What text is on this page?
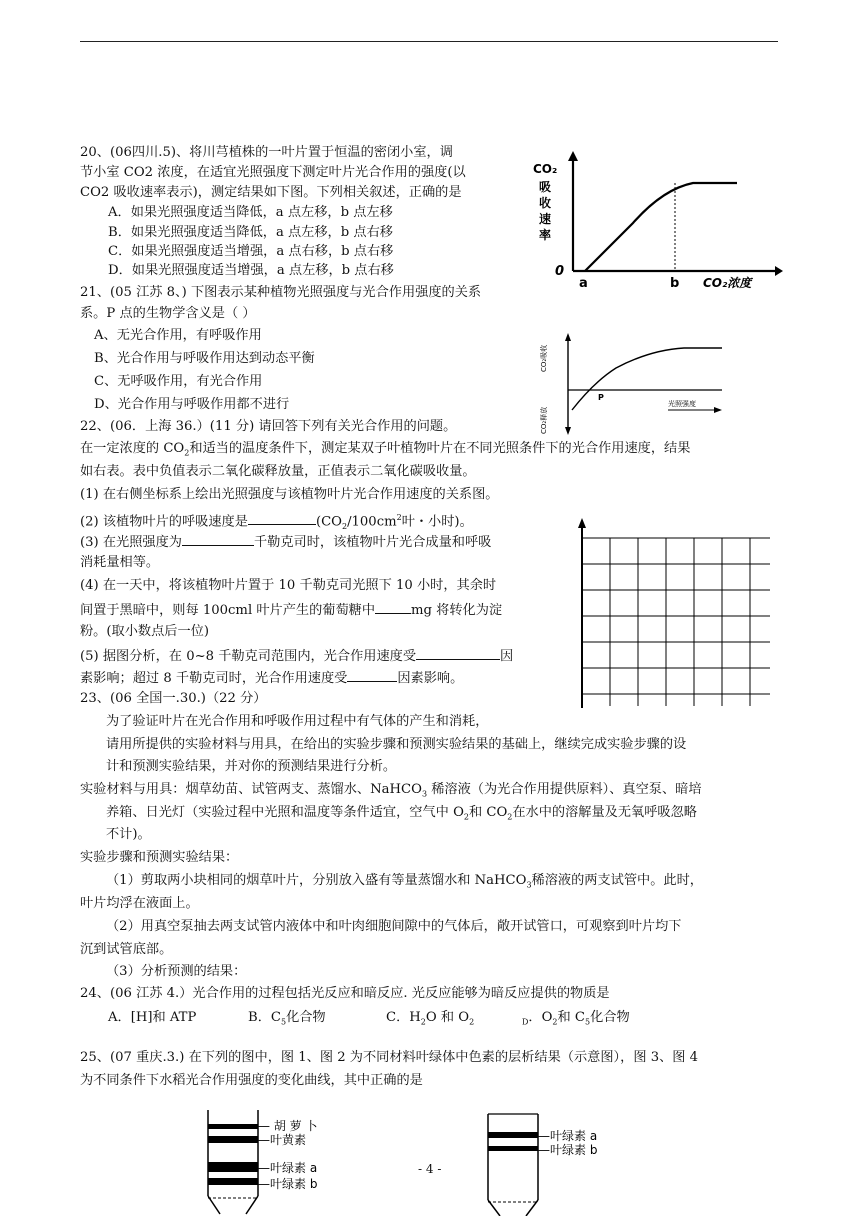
20、(06四川.5)、将川芎植株的一叶片置于恒温的密闭小室，调
节小室 CO2 浓度，在适宜光照强度下测定叶片光合作用的强度(以
CO2 吸收速率表示)，测定结果如下图。下列相关叙述，正确的是
A．如果光照强度适当降低，a 点左移，b 点左移
B．如果光照强度适当降低，a 点左移，b 点右移
C．如果光照强度适当增强，a 点右移，b 点右移
D．如果光照强度适当增强，a 点左移，b 点右移
CO₂
吸
收
速
率
0
a	b CO₂浓度
21、(05 江苏 8、) 下图表示某种植物光照强度与光合作用强度的关系
系。P 点的生物学含义是（ ）
A、无光合作用，有呼吸作用
B、光合作用与呼吸作用达到动态平衡
C、无呼吸作用，有光合作用
D、光合作用与呼吸作用都不进行
CO₂吸收
CO₂释放
P
光照强度
22、(06．上海 36.）(11 分) 请回答下列有关光合作用的问题。
在一定浓度的 $CO_2$和适当的温度条件下，测定某双子叶植物叶片在不同光照条件下的光合作用速度，结果
如右表。表中负值表示二氧化碳释放量，正值表示二氧化碳吸收量。
(1) 在右侧坐标系上绘出光照强度与该植物叶片光合作用速度的关系图。
(2) 该植物叶片的呼吸速度是	($CO_2/100cm^2$叶・小时)。
(3) 在光照强度为	千勒克司时，该植物叶片光合成量和呼吸
消耗量相等。
(4) 在一天中，将该植物叶片置于 10 千勒克司光照下 10 小时，其余时
间置于黑暗中，则每 100cml 叶片产生的葡萄糖中	mg 将转化为淀
粉。(取小数点后一位)
(5) 据图分析，在 0~8 千勒克司范围内，光合作用速度受	因
素影响；超过 8 千勒克司时，光合作用速度受	因素影响。
23、(06 全国一.30.)（22 分）
为了验证叶片在光合作用和呼吸作用过程中有气体的产生和消耗，
请用所提供的实验材料与用具，在给出的实验步骤和预测实验结果的基础上，继续完成实验步骤的设
计和预测实验结果，并对你的预测结果进行分析。
实验材料与用具：烟草幼苗、试管两支、蒸馏水、NaHCO$_3$ 稀溶液（为光合作用提供原料）、真空泵、暗培
养箱、日光灯（实验过程中光照和温度等条件适宜，空气中 $O_2$和 $CO_2$在水中的溶解量及无氧呼吸忽略
不计)。
实验步骤和预测实验结果：
（1）剪取两小块相同的烟草叶片，分别放入盛有等量蒸馏水和 NaHCO$_3$稀溶液的两支试管中。此时，
叶片均浮在液面上。
（2）用真空泵抽去两支试管内液体中和叶肉细胞间隙中的气体后，敞开试管口，可观察到叶片均下
沉到试管底部。
（3）分析预测的结果：
24、(06 江苏 4.）光合作用的过程包括光反应和暗反应. 光反应能够为暗反应提供的物质是
A．[H]和 ATP	B．$C_5$化合物	C．$H_2O$ 和 $O_2$	$_D$．$O_2$和 $C_5$化合物
25、(07 重庆.3.) 在下列的图中，图 1、图 2 为不同材料叶绿体中色素的层析结果（示意图），图 3、图 4
为不同条件下水稻光合作用强度的变化曲线，其中正确的是
— 胡 萝 卜
—叶黄素
—叶绿素 a
—叶绿素 b
—叶绿素 a
—叶绿素 b
- 4 -
